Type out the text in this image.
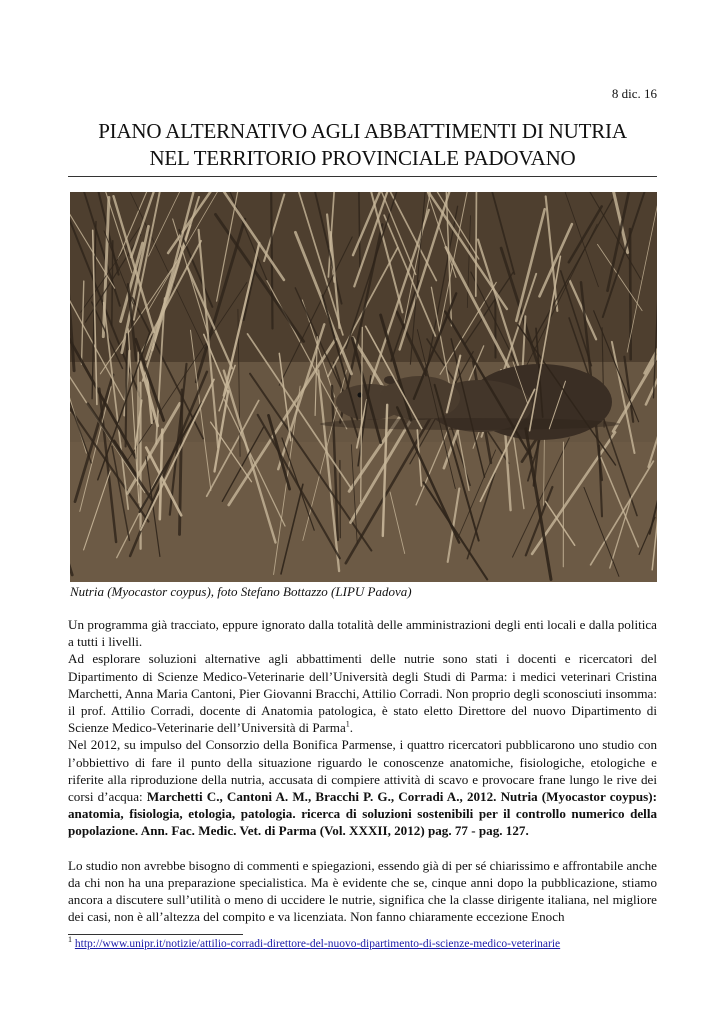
8 dic. 16
PIANO ALTERNATIVO AGLI ABBATTIMENTI DI NUTRIA
NEL TERRITORIO PROVINCIALE PADOVANO
Nutria (Myocastor coypus), foto Stefano Bottazzo (LIPU Padova)

Un programma già tracciato, eppure ignorato dalla totalità delle amministrazioni degli enti locali e dalla politica a tutti i livelli.

Ad esplorare soluzioni alternative agli abbattimenti delle nutrie sono stati i docenti e ricercatori del Dipartimento di Scienze Medico-Veterinarie dell’Università degli Studi di Parma: i medici veterinari Cristina Marchetti, Anna Maria Cantoni, Pier Giovanni Bracchi, Attilio Corradi. Non proprio degli sconosciuti insomma: il prof. Attilio Corradi, docente di Anatomia patologica, è stato eletto Direttore del nuovo Dipartimento di Scienze Medico-Veterinarie dell’Università di Parma$^1$.

Nel 2012, su impulso del Consorzio della Bonifica Parmense, i quattro ricercatori pubblicarono uno studio con l’obbiettivo di fare il punto della situazione riguardo le conoscenze anatomiche, fisiologiche, etologiche e riferite alla riproduzione della nutria, accusata di compiere attività di scavo e provocare frane lungo le rive dei corsi d’acqua: Marchetti C., Cantoni A. M., Bracchi P. G., Corradi A., 2012. Nutria (Myocastor coypus): anatomia, fisiologia, etologia, patologia. ricerca di soluzioni sostenibili per il controllo numerico della popolazione. Ann. Fac. Medic. Vet. di Parma (Vol. XXXII, 2012) pag. 77 - pag. 127.

Lo studio non avrebbe bisogno di commenti e spiegazioni, essendo già di per sé chiarissimo e affrontabile anche da chi non ha una preparazione specialistica. Ma è evidente che se, cinque anni dopo la pubblicazione, stiamo ancora a discutere sull’utilità o meno di uccidere le nutrie, significa che la classe dirigente italiana, nel migliore dei casi, non è all’altezza del compito e va licenziata. Non fanno chiaramente eccezione Enoch

$^1$ http://www.unipr.it/notizie/attilio-corradi-direttore-del-nuovo-dipartimento-di-scienze-medico-veterinarie
